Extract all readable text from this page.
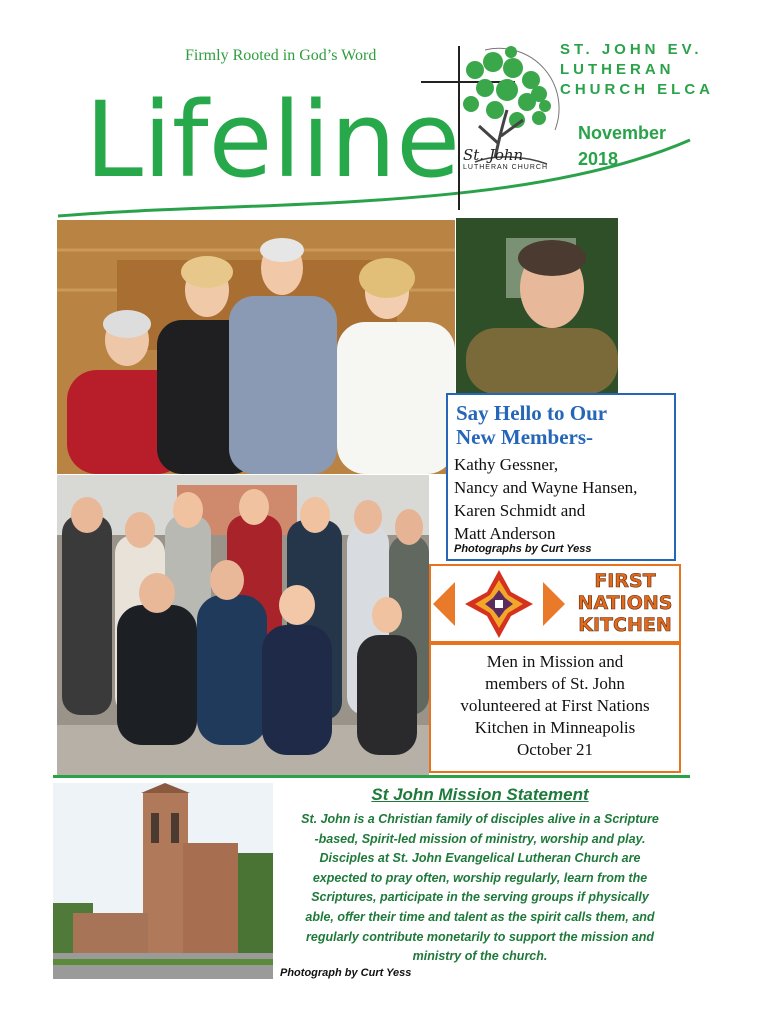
Firmly Rooted in God’s Word
Lifeline St. John
LUTHERAN CHURCH
ST. JOHN EV.
LUTHERAN
CHURCH ELCA
November
2018
Say Hello to Our
New Members-
Kathy Gessner,
Nancy and Wayne Hansen,
Karen Schmidt and
Matt Anderson
Photographs by Curt Yess
FIRST
NATIONS
KITCHEN
Men in Mission and
members of St. John
volunteered at First Nations
Kitchen in Minneapolis
October 21
St John Mission Statement
St. John is a Christian family of disciples alive in a Scripture
-based, Spirit-led mission of ministry, worship and play.
Disciples at St. John Evangelical Lutheran Church are
expected to pray often, worship regularly, learn from the
Scriptures, participate in the serving groups if physically
able, offer their time and talent as the spirit calls them, and
regularly contribute monetarily to support the mission and
ministry of the church.
Photograph by Curt Yess
